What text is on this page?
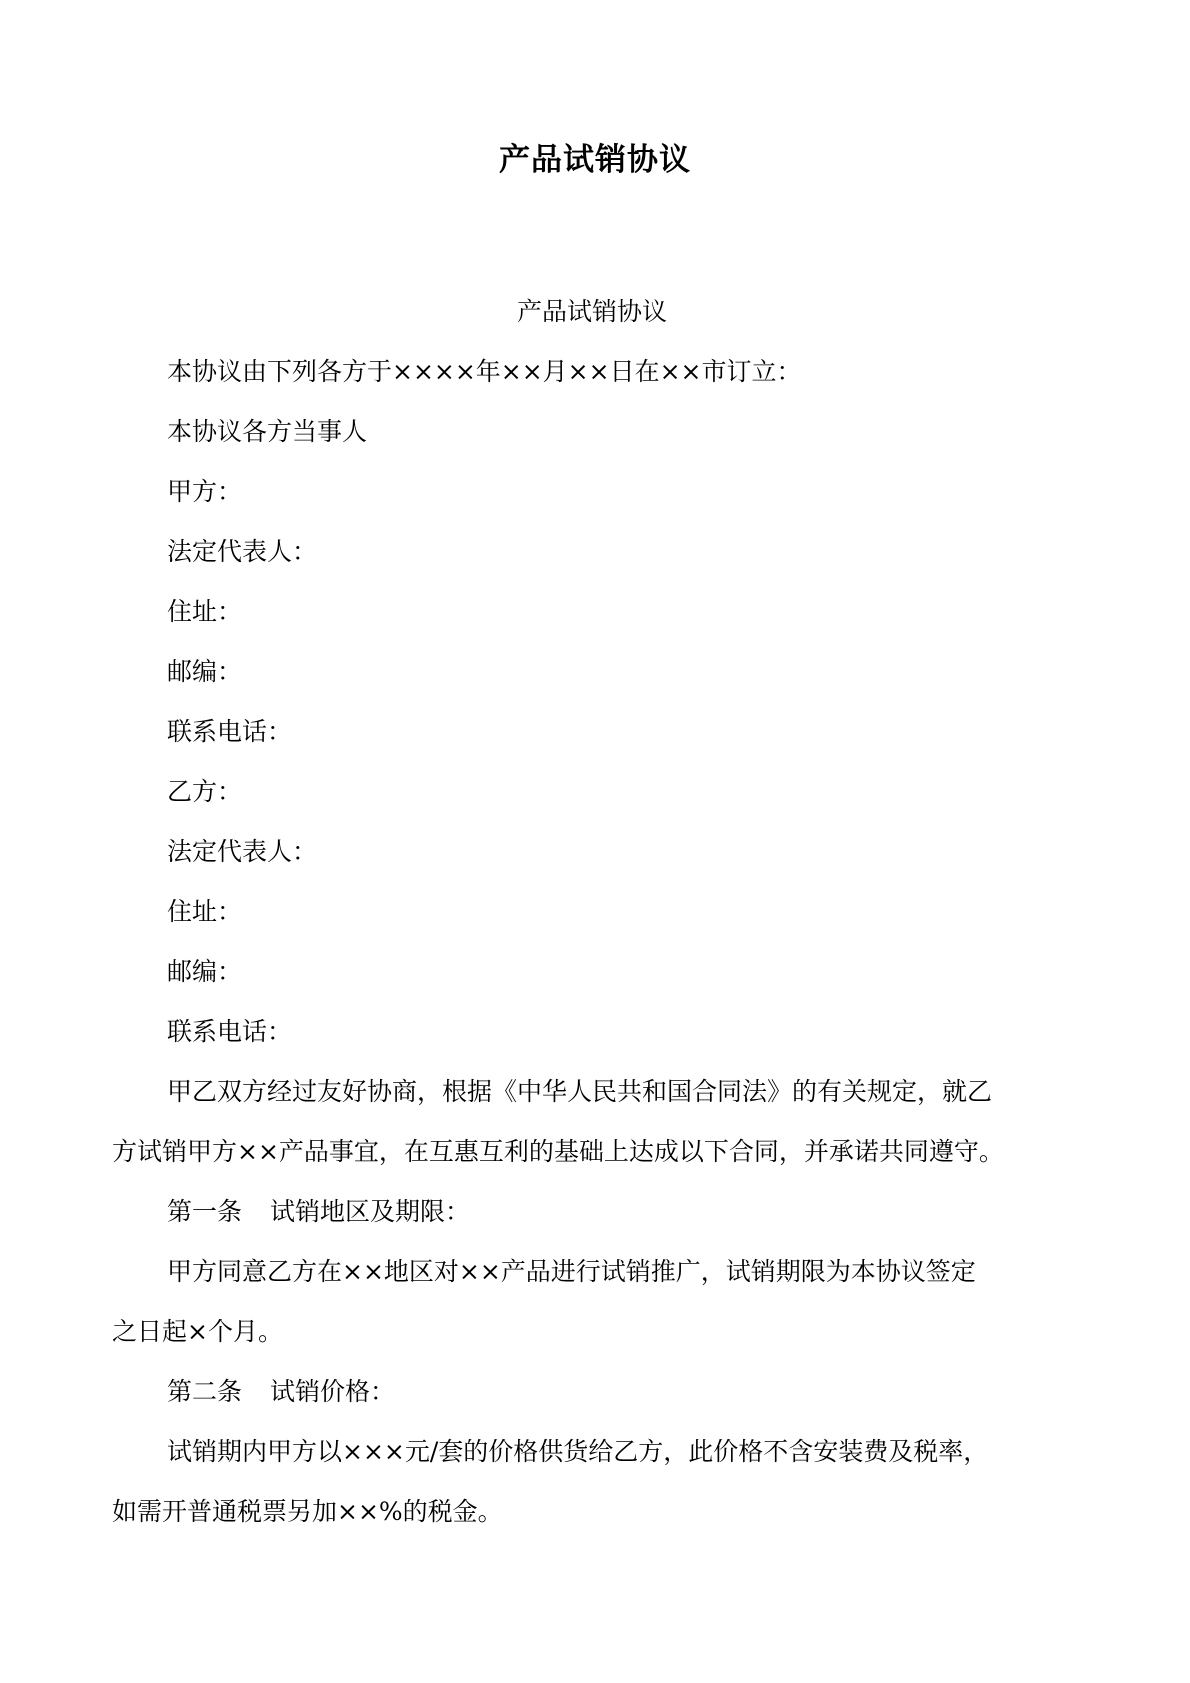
产品试销协议
产品试销协议
本协议由下列各方于××××年××月××日在××市订立：
本协议各方当事人
甲方：
法定代表人：
住址：
邮编：
联系电话：
乙方：
法定代表人：
住址：
邮编：
联系电话：
甲乙双方经过友好协商，根据《中华人民共和国合同法》的有关规定，就乙
方试销甲方××产品事宜，在互惠互利的基础上达成以下合同，并承诺共同遵守。
第一条 试销地区及期限：
甲方同意乙方在××地区对××产品进行试销推广，试销期限为本协议签定
之日起×个月。
第二条 试销价格：
试销期内甲方以×××元/套的价格供货给乙方，此价格不含安装费及税率，
如需开普通税票另加××%的税金。
